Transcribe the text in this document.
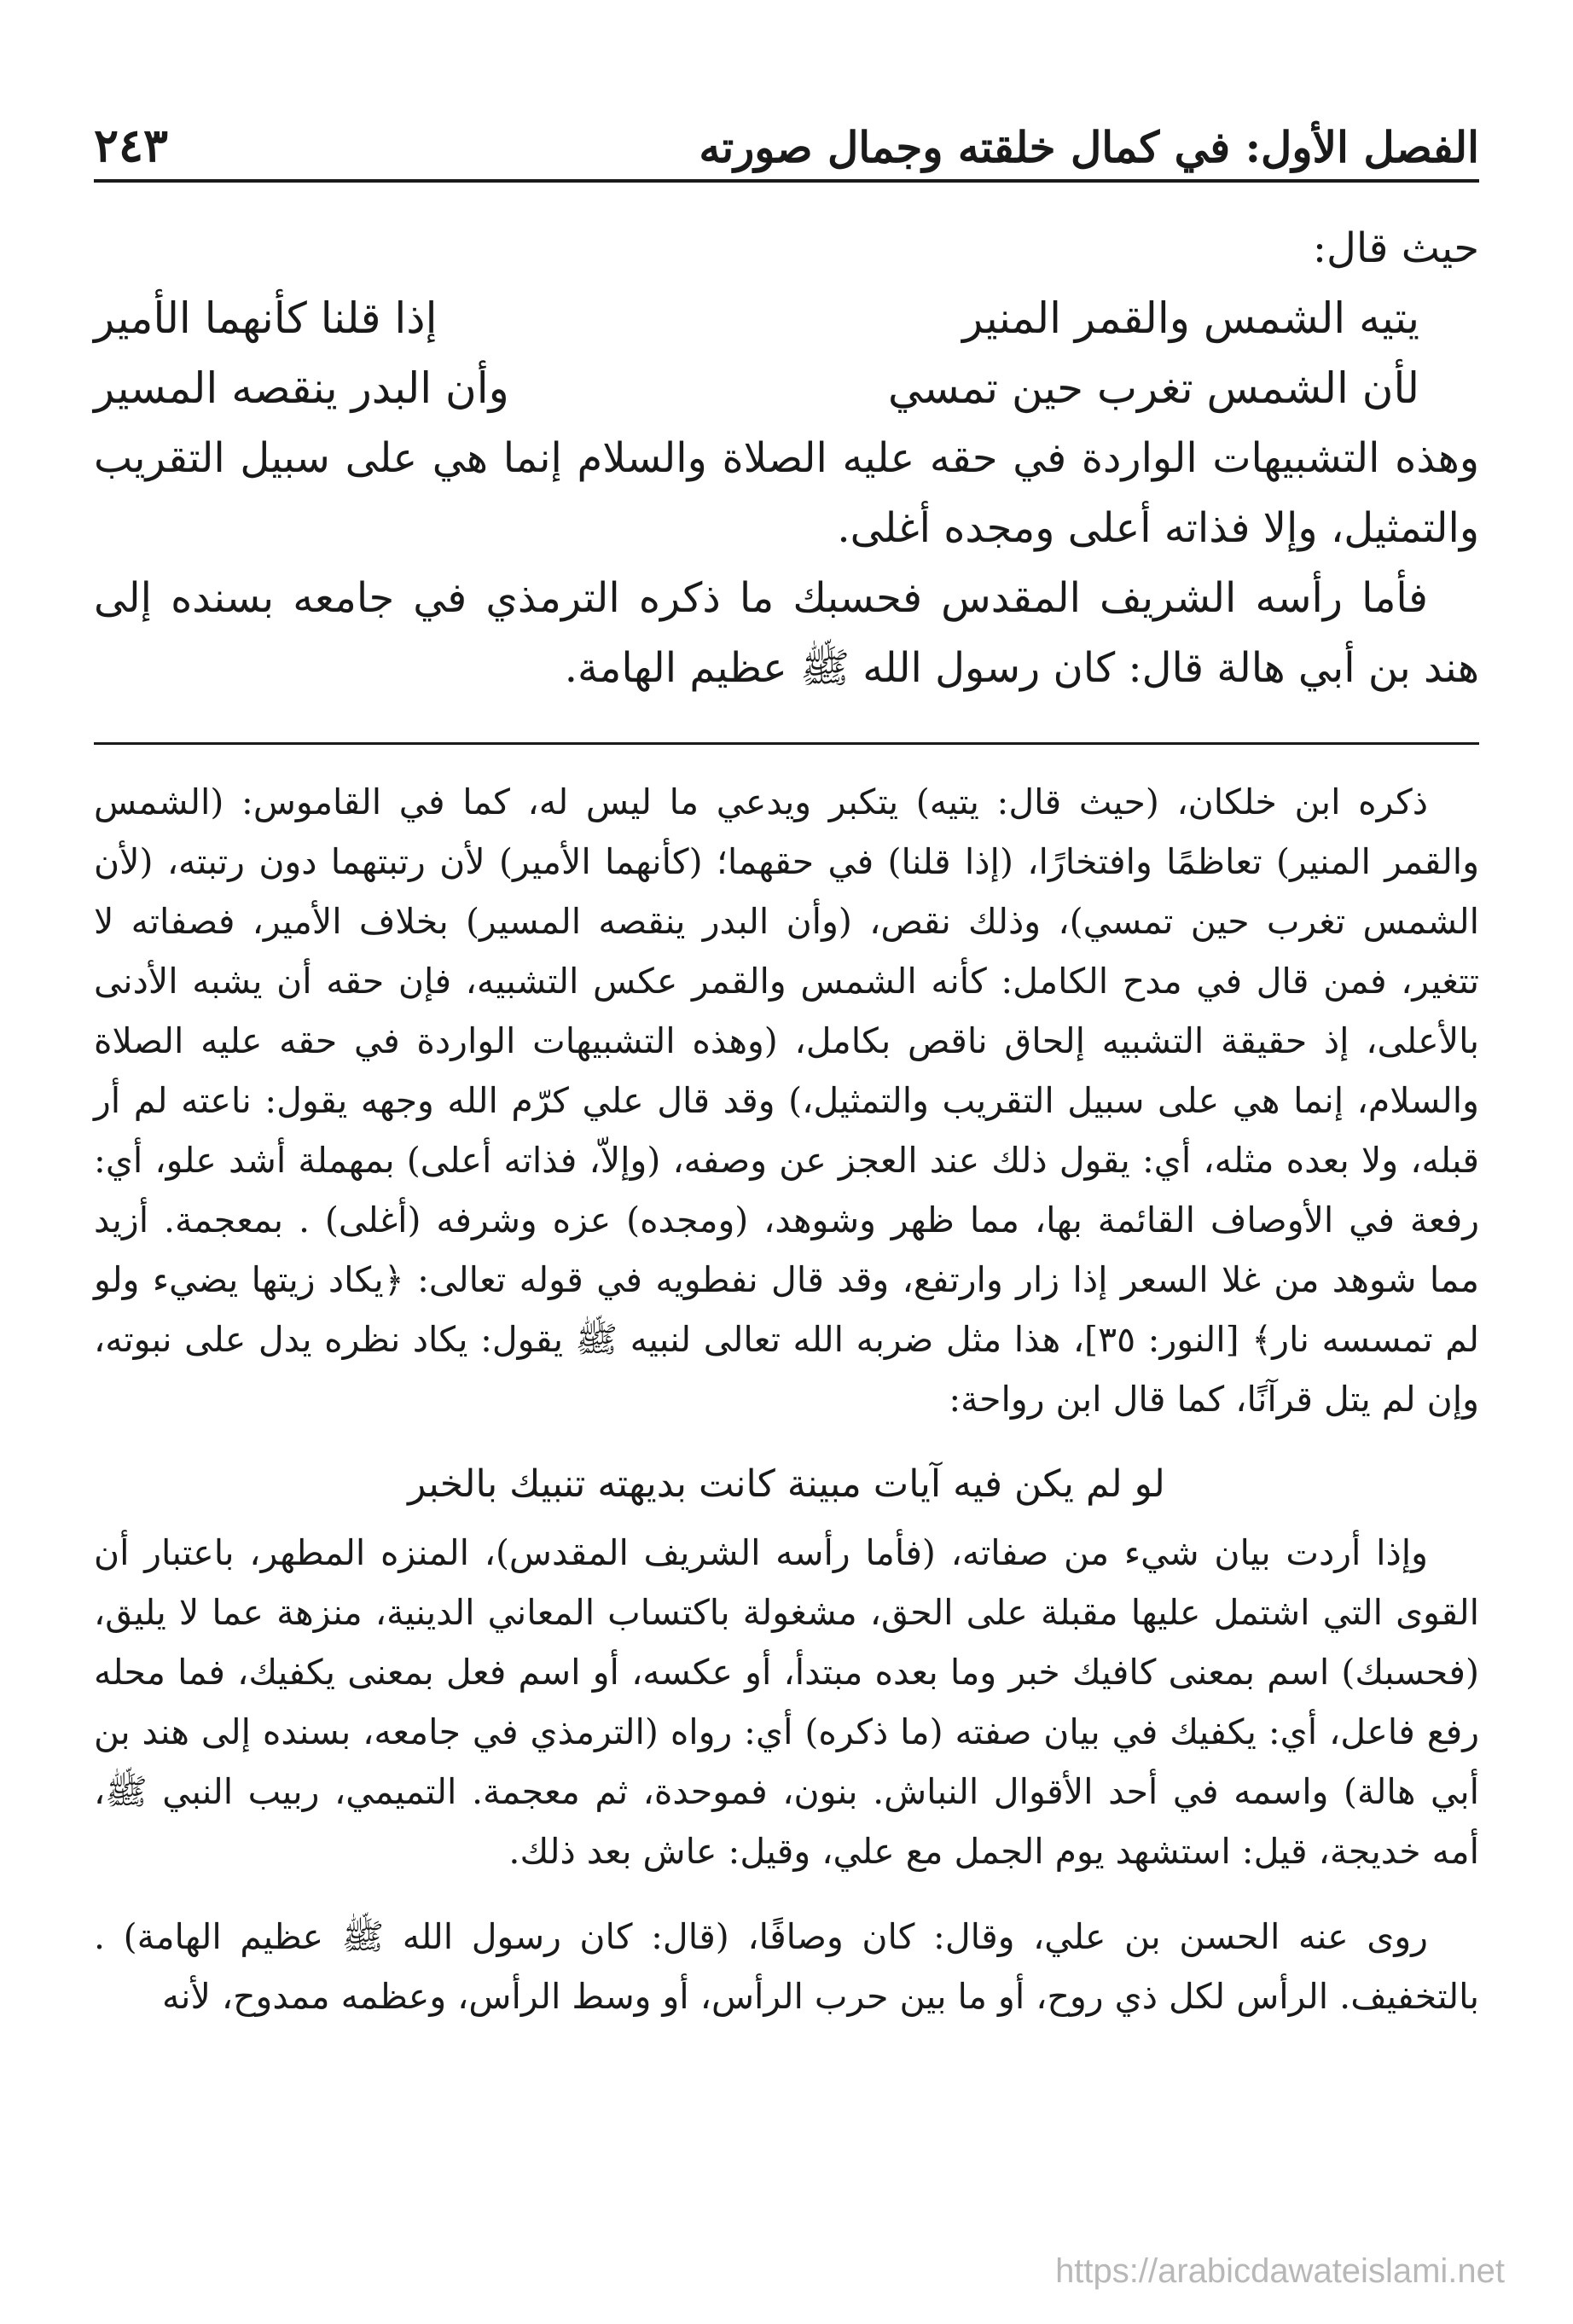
الفصل الأول: في كمال خلقته وجمال صورته
٢٤٣

حيث قال:

يتيه الشمس والقمر المنير
إذا قلنا كأنهما الأمير
لأن الشمس تغرب حين تمسي
وأن البدر ينقصه المسير

وهذه التشبيهات الواردة في حقه عليه الصلاة والسلام إنما هي على سبيل التقريب والتمثيل، وإلا فذاته أعلى ومجده أغلى.

فأما رأسه الشريف المقدس فحسبك ما ذكره الترمذي في جامعه بسنده إلى هند بن أبي هالة قال: كان رسول الله ﷺ عظيم الهامة.

ذكره ابن خلكان، (حيث قال: يتيه) يتكبر ويدعي ما ليس له، كما في القاموس: (الشمس والقمر المنير) تعاظمًا وافتخارًا، (إذا قلنا) في حقهما؛ (كأنهما الأمير) لأن رتبتهما دون رتبته، (لأن الشمس تغرب حين تمسي)، وذلك نقص، (وأن البدر ينقصه المسير) بخلاف الأمير، فصفاته لا تتغير، فمن قال في مدح الكامل: كأنه الشمس والقمر عكس التشبيه، فإن حقه أن يشبه الأدنى بالأعلى، إذ حقيقة التشبيه إلحاق ناقص بكامل، (وهذه التشبيهات الواردة في حقه عليه الصلاة والسلام، إنما هي على سبيل التقريب والتمثيل،) وقد قال علي كرّم الله وجهه يقول: ناعته لم أر قبله، ولا بعده مثله، أي: يقول ذلك عند العجز عن وصفه، (وإلاّ، فذاته أعلى) بمهملة أشد علو، أي: رفعة في الأوصاف القائمة بها، مما ظهر وشوهد، (ومجده) عزه وشرفه (أغلى) . بمعجمة. أزيد مما شوهد من غلا السعر إذا زار وارتفع، وقد قال نفطويه في قوله تعالى: ﴿يكاد زيتها يضيء ولو لم تمسسه نار﴾ [النور: ٣٥]، هذا مثل ضربه الله تعالى لنبيه ﷺ يقول: يكاد نظره يدل على نبوته، وإن لم يتل قرآنًا، كما قال ابن رواحة:

لو لم يكن فيه آيات مبينة كانت بديهته تنبيك بالخبر

وإذا أردت بيان شيء من صفاته، (فأما رأسه الشريف المقدس)، المنزه المطهر، باعتبار أن القوى التي اشتمل عليها مقبلة على الحق، مشغولة باكتساب المعاني الدينية، منزهة عما لا يليق، (فحسبك) اسم بمعنى كافيك خبر وما بعده مبتدأ، أو عكسه، أو اسم فعل بمعنى يكفيك، فما محله رفع فاعل، أي: يكفيك في بيان صفته (ما ذكره) أي: رواه (الترمذي في جامعه، بسنده إلى هند بن أبي هالة) واسمه في أحد الأقوال النباش. بنون، فموحدة، ثم معجمة. التميمي، ربيب النبي ﷺ، أمه خديجة، قيل: استشهد يوم الجمل مع علي، وقيل: عاش بعد ذلك.

روى عنه الحسن بن علي، وقال: كان وصافًا، (قال: كان رسول الله ﷺ عظيم الهامة) . بالتخفيف. الرأس لكل ذي روح، أو ما بين حرب الرأس، أو وسط الرأس، وعظمه ممدوح، لأنه

https://arabicdawateislami.net
